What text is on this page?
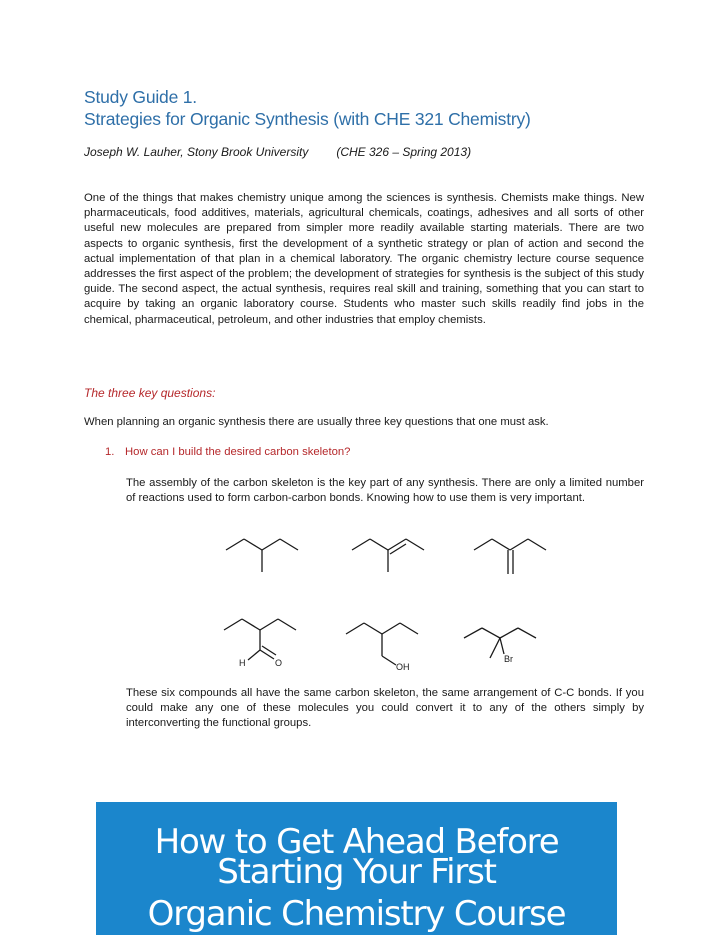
Study Guide 1.
Strategies for Organic Synthesis (with CHE 321 Chemistry)
Joseph W. Lauher, Stony Brook University (CHE 326 – Spring 2013)

One of the things that makes chemistry unique among the sciences is synthesis. Chemists make things. New pharmaceuticals, food additives, materials, agricultural chemicals, coatings, adhesives and all sorts of other useful new molecules are prepared from simpler more readily available starting materials. There are two aspects to organic synthesis, first the development of a synthetic strategy or plan of action and second the actual implementation of that plan in a chemical laboratory. The organic chemistry lecture course sequence addresses the first aspect of the problem; the development of strategies for synthesis is the subject of this study guide. The second aspect, the actual synthesis, requires real skill and training, something that you can start to acquire by taking an organic laboratory course. Students who master such skills readily find jobs in the chemical, pharmaceutical, petroleum, and other industries that employ chemists.

The three key questions:

When planning an organic synthesis there are usually three key questions that one must ask.

1. How can I build the desired carbon skeleton?

The assembly of the carbon skeleton is the key part of any synthesis. There are only a limited number of reactions used to form carbon-carbon bonds. Knowing how to use them is very important.

H	O	OH
Br

These six compounds all have the same carbon skeleton, the same arrangement of C-C bonds. If you could make any one of these molecules you could convert it to any of the others simply by interconverting the functional groups.

How to Get Ahead Before
Starting Your First
Organic Chemistry Course
